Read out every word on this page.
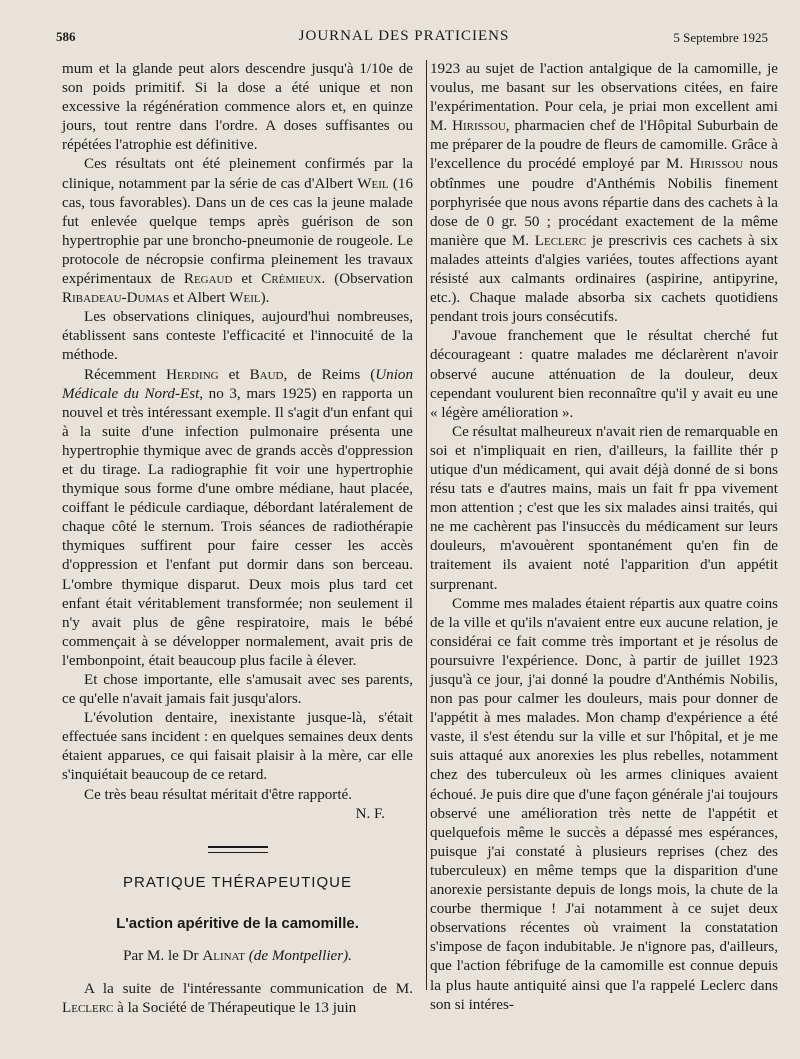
586	JOURNAL DES PRATICIENS	5 Septembre 1925

mum et la glande peut alors descendre jusqu'à 1/10e de son poids primitif. Si la dose a été unique et non excessive la régénération commence alors et, en quinze jours, tout rentre dans l'ordre. A doses suffisantes ou répétées l'atrophie est définitive.

Ces résultats ont été pleinement confirmés par la clinique, notamment par la série de cas d'Albert Weil (16 cas, tous favorables). Dans un de ces cas la jeune malade fut enlevée quelque temps après guérison de son hypertrophie par une broncho-pneumonie de rougeole. Le protocole de nécropsie confirma pleinement les travaux expérimentaux de Regaud et Crémieux. (Observation Ribadeau-Dumas et Albert Weil).

Les observations cliniques, aujourd'hui nombreuses, établissent sans conteste l'efficacité et l'innocuité de la méthode.

Récemment Herding et Baud, de Reims (Union Médicale du Nord-Est, no 3, mars 1925) en rapporta un nouvel et très intéressant exemple. Il s'agit d'un enfant qui à la suite d'une infection pulmonaire présenta une hypertrophie thymique avec de grands accès d'oppression et du tirage. La radiographie fit voir une hypertrophie thymique sous forme d'une ombre médiane, haut placée, coiffant le pédicule cardiaque, débordant latéralement de chaque côté le sternum. Trois séances de radiothérapie thymiques suffirent pour faire cesser les accès d'oppression et l'enfant put dormir dans son berceau. L'ombre thymique disparut. Deux mois plus tard cet enfant était véritablement transformée; non seulement il n'y avait plus de gêne respiratoire, mais le bébé commençait à se développer normalement, avait pris de l'embonpoint, était beaucoup plus facile à élever.

Et chose importante, elle s'amusait avec ses parents, ce qu'elle n'avait jamais fait jusqu'alors.

L'évolution dentaire, inexistante jusque-là, s'était effectuée sans incident : en quelques semaines deux dents étaient apparues, ce qui faisait plaisir à la mère, car elle s'inquiétait beaucoup de ce retard.

Ce très beau résultat méritait d'être rapporté.

N. F.

PRATIQUE THÉRAPEUTIQUE
L'action apéritive de la camomille.
Par M. le Dr Alinat (de Montpellier).

A la suite de l'intéressante communication de M. Leclerc à la Société de Thérapeutique le 13 juin

1923 au sujet de l'action antalgique de la camomille, je voulus, me basant sur les observations citées, en faire l'expérimentation. Pour cela, je priai mon excellent ami M. Hirissou, pharmacien chef de l'Hôpital Suburbain de me préparer de la poudre de fleurs de camomille. Grâce à l'excellence du procédé employé par M. Hirissou nous obtînmes une poudre d'Anthémis Nobilis finement porphyrisée que nous avons répartie dans des cachets à la dose de 0 gr. 50 ; procédant exactement de la même manière que M. Leclerc je prescrivis ces cachets à six malades atteints d'algies variées, toutes affections ayant résisté aux calmants ordinaires (aspirine, antipyrine, etc.). Chaque malade absorba six cachets quotidiens pendant trois jours consécutifs.

J'avoue franchement que le résultat cherché fut décourageant : quatre malades me déclarèrent n'avoir observé aucune atténuation de la douleur, deux cependant voulurent bien reconnaître qu'il y avait eu une « légère amélioration ».

Ce résultat malheureux n'avait rien de remarquable en soi et n'impliquait en rien, d'ailleurs, la faillite thér p utique d'un médicament, qui avait déjà donné de si bons résu tats e d'autres mains, mais un fait fr ppa vivement mon attention ; c'est que les six malades ainsi traités, qui ne me cachèrent pas l'insuccès du médicament sur leurs douleurs, m'avouèrent spontanément qu'en fin de traitement ils avaient noté l'apparition d'un appétit surprenant.

Comme mes malades étaient répartis aux quatre coins de la ville et qu'ils n'avaient entre eux aucune relation, je considérai ce fait comme très important et je résolus de poursuivre l'expérience. Donc, à partir de juillet 1923 jusqu'à ce jour, j'ai donné la poudre d'Anthémis Nobilis, non pas pour calmer les douleurs, mais pour donner de l'appétit à mes malades. Mon champ d'expérience a été vaste, il s'est étendu sur la ville et sur l'hôpital, et je me suis attaqué aux anorexies les plus rebelles, notamment chez des tuberculeux où les armes cliniques avaient échoué. Je puis dire que d'une façon générale j'ai toujours observé une amélioration très nette de l'appétit et quelquefois même le succès a dépassé mes espérances, puisque j'ai constaté à plusieurs reprises (chez des tuberculeux) en même temps que la disparition d'une anorexie persistante depuis de longs mois, la chute de la courbe thermique ! J'ai notamment à ce sujet deux observations récentes où vraiment la constatation s'impose de façon indubitable. Je n'ignore pas, d'ailleurs, que l'action fébrifuge de la camomille est connue depuis la plus haute antiquité ainsi que l'a rappelé Leclerc dans son si intéres-
